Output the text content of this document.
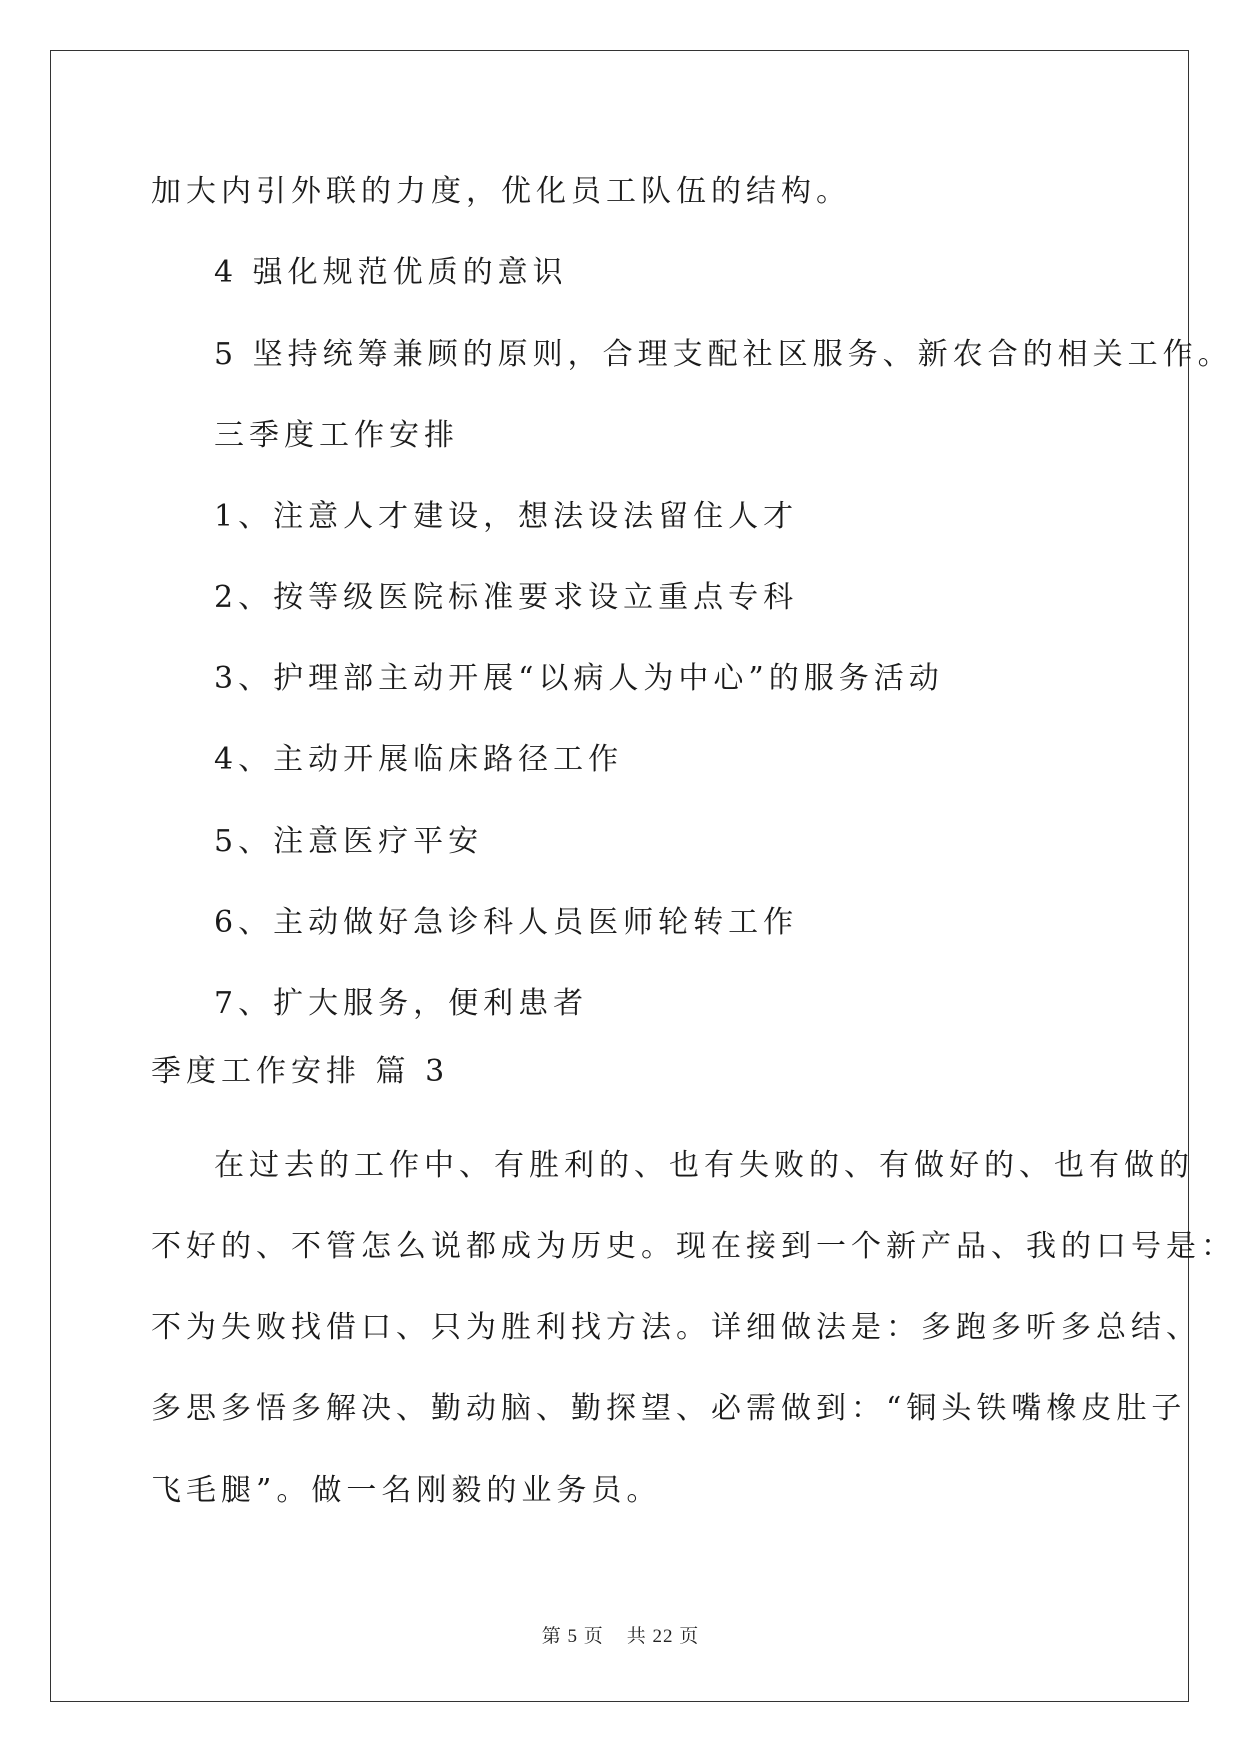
加大内引外联的力度，优化员工队伍的结构。

4 强化规范优质的意识

5 坚持统筹兼顾的原则，合理支配社区服务、新农合的相关工作。

三季度工作安排

1、注意人才建设，想法设法留住人才

2、按等级医院标准要求设立重点专科

3、护理部主动开展“以病人为中心”的服务活动

4、主动开展临床路径工作

5、注意医疗平安

6、主动做好急诊科人员医师轮转工作

7、扩大服务，便利患者

季度工作安排 篇 3

在过去的工作中、有胜利的、也有失败的、有做好的、也有做的

不好的、不管怎么说都成为历史。现在接到一个新产品、我的口号是：

不为失败找借口、只为胜利找方法。详细做法是：多跑多听多总结、

多思多悟多解决、勤动脑、勤探望、必需做到：“铜头铁嘴橡皮肚子

飞毛腿”。做一名刚毅的业务员。

第 5 页 共 22 页
